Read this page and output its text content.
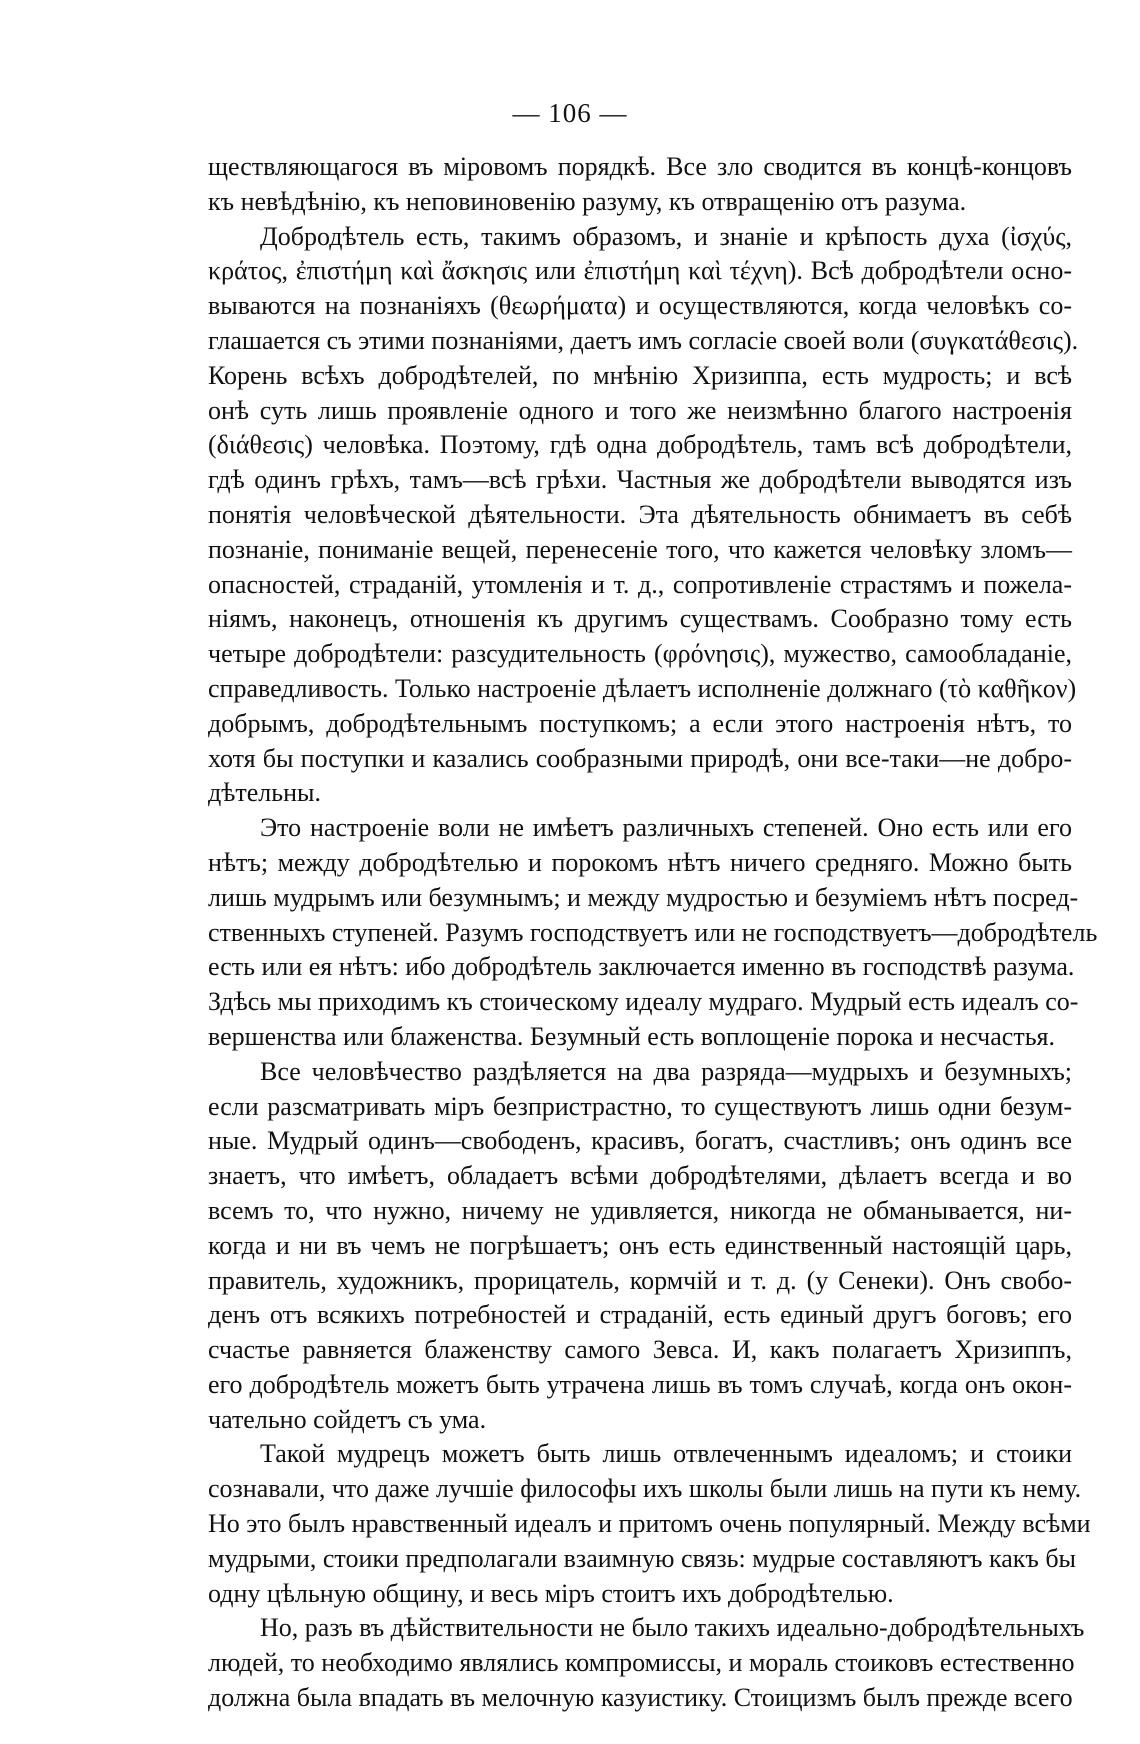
— 106 —

ществляющагося въ міровомъ порядкѣ. Все зло сводится въ концѣ-концовъ
къ невѣдѣнію, къ неповиновенію разуму, къ отвращенію отъ разума.

Добродѣтель есть, такимъ образомъ, и знаніе и крѣпость духа (ἰσχύς,
κράτος, ἐπιστήμη καὶ ἄσκησις или ἐπιστήμη καὶ τέχνη). Всѣ добродѣтели осно-
вываются на познаніяхъ (θεωρήματα) и осуществляются, когда человѣкъ со-
глашается съ этими познаніями, даетъ имъ согласіе своей воли (συγκατάθεσις).
Корень всѣхъ добродѣтелей, по мнѣнію Хризиппа, есть мудрость; и всѣ
онѣ суть лишь проявленіе одного и того же неизмѣнно благого настроенія
(διάθεσις) человѣка. Поэтому, гдѣ одна добродѣтель, тамъ всѣ добродѣтели,
гдѣ одинъ грѣхъ, тамъ—всѣ грѣхи. Частныя же добродѣтели выводятся изъ
понятія человѣческой дѣятельности. Эта дѣятельность обнимаетъ въ себѣ
познаніе, пониманіе вещей, перенесеніе того, что кажется человѣку зломъ—
опасностей, страданій, утомленія и т. д., сопротивленіе страстямъ и пожела-
ніямъ, наконецъ, отношенія къ другимъ существамъ. Сообразно тому есть
четыре добродѣтели: разсудительность (φρόνησις), мужество, самообладаніе,
справедливость. Только настроеніе дѣлаетъ исполненіе должнаго (τὸ καθῆκον)
добрымъ, добродѣтельнымъ поступкомъ; а если этого настроенія нѣтъ, то
хотя бы поступки и казались сообразными природѣ, они все-таки—не добро-
дѣтельны.

Это настроеніе воли не имѣетъ различныхъ степеней. Оно есть или его
нѣтъ; между добродѣтелью и порокомъ нѣтъ ничего средняго. Можно быть
лишь мудрымъ или безумнымъ; и между мудростью и безуміемъ нѣтъ посред-
ственныхъ ступеней. Разумъ господствуетъ или не господствуетъ—добродѣтель
есть или ея нѣтъ: ибо добродѣтель заключается именно въ господствѣ разума.
Здѣсь мы приходимъ къ стоическому идеалу мудраго. Мудрый есть идеалъ со-
вершенства или блаженства. Безумный есть воплощеніе порока и несчастья.

Все человѣчество раздѣляется на два разряда—мудрыхъ и безумныхъ;
если разсматривать міръ безпристрастно, то существуютъ лишь одни безум-
ные. Мудрый одинъ—свободенъ, красивъ, богатъ, счастливъ; онъ одинъ все
знаетъ, что имѣетъ, обладаетъ всѣми добродѣтелями, дѣлаетъ всегда и во
всемъ то, что нужно, ничему не удивляется, никогда не обманывается, ни-
когда и ни въ чемъ не погрѣшаетъ; онъ есть единственный настоящій царь,
правитель, художникъ, прорицатель, кормчій и т. д. (у Сенеки). Онъ свобо-
денъ отъ всякихъ потребностей и страданій, есть единый другъ боговъ; его
счастье равняется блаженству самого Зевса. И, какъ полагаетъ Хризиппъ,
его добродѣтель можетъ быть утрачена лишь въ томъ случаѣ, когда онъ окон-
чательно сойдетъ съ ума.

Такой мудрецъ можетъ быть лишь отвлеченнымъ идеаломъ; и стоики
сознавали, что даже лучшіе философы ихъ школы были лишь на пути къ нему.
Но это былъ нравственный идеалъ и притомъ очень популярный. Между всѣми
мудрыми, стоики предполагали взаимную связь: мудрые составляютъ какъ бы
одну цѣльную общину, и весь міръ стоитъ ихъ добродѣтелью.

Но, разъ въ дѣйствительности не было такихъ идеально-добродѣтельныхъ
людей, то необходимо являлись компромиссы, и мораль стоиковъ естественно
должна была впадать въ мелочную казуистику. Стоицизмъ былъ прежде всего
